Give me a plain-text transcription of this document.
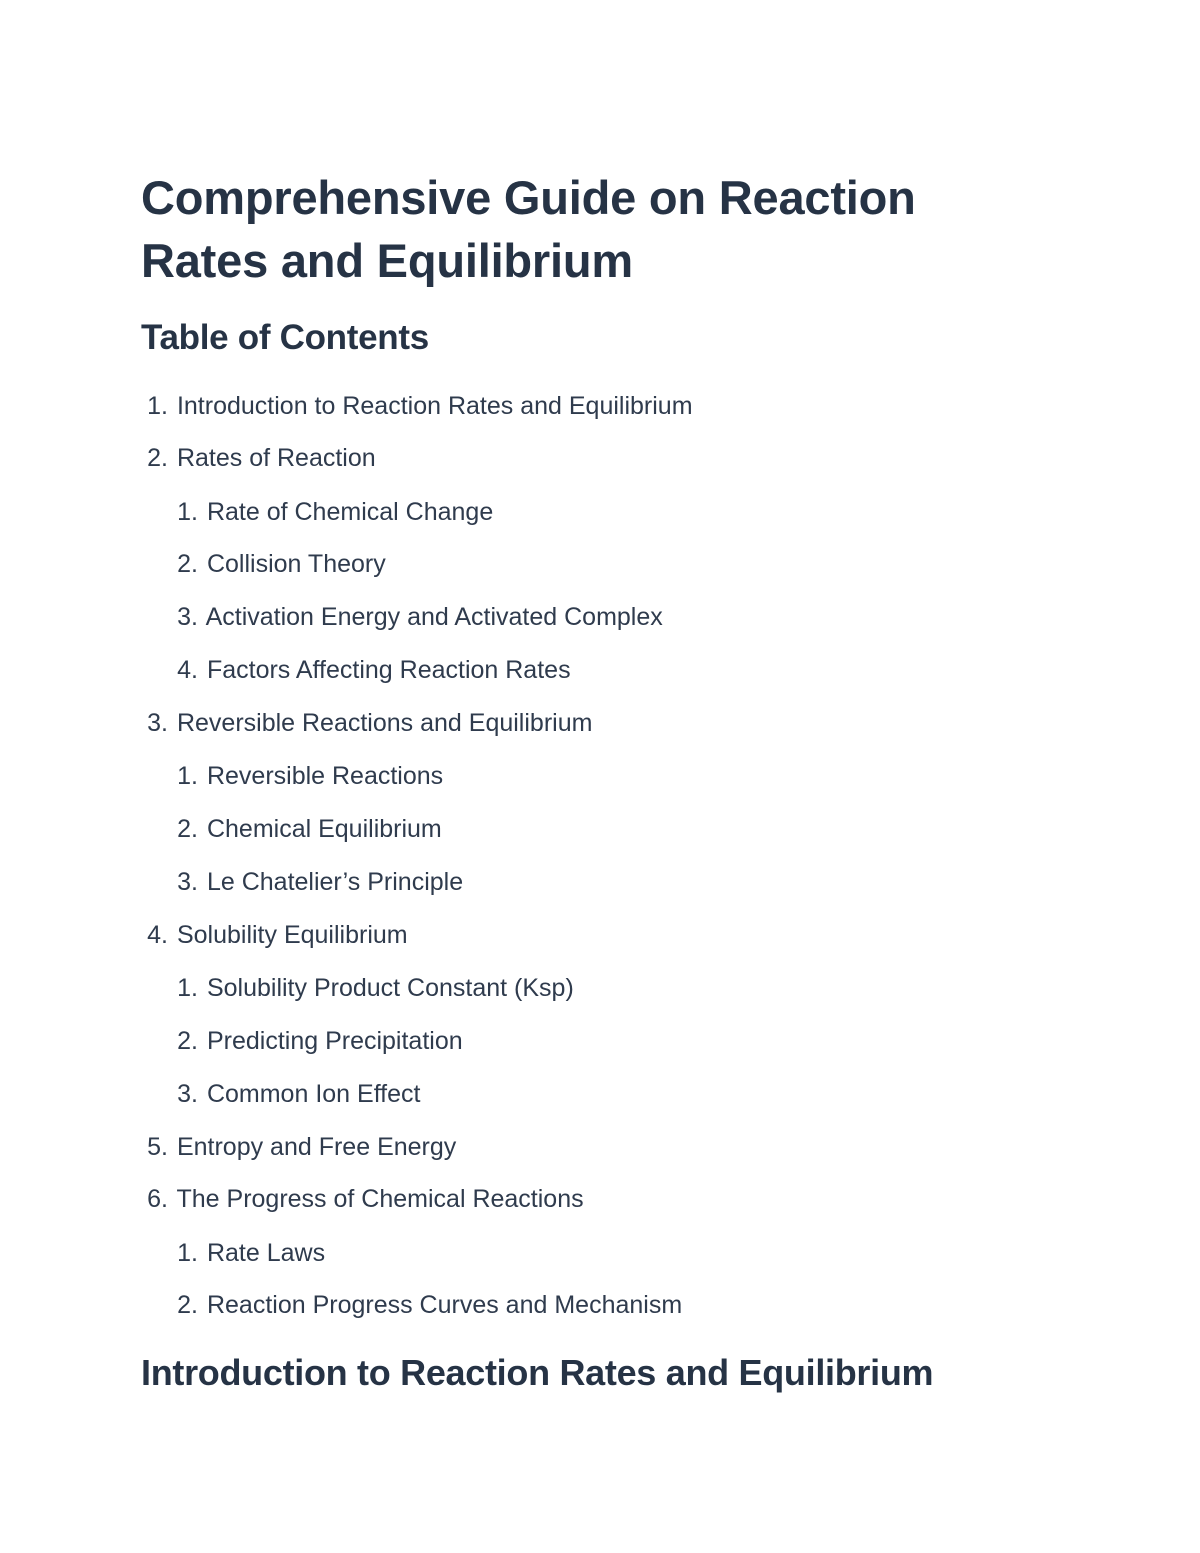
Comprehensive Guide on Reaction Rates and Equilibrium
Table of Contents
1. Introduction to Reaction Rates and Equilibrium
2. Rates of Reaction
1. Rate of Chemical Change
2. Collision Theory
3. Activation Energy and Activated Complex
4. Factors Affecting Reaction Rates
3. Reversible Reactions and Equilibrium
1. Reversible Reactions
2. Chemical Equilibrium
3. Le Chatelier’s Principle
4. Solubility Equilibrium
1. Solubility Product Constant (Ksp)
2. Predicting Precipitation
3. Common Ion Effect
5. Entropy and Free Energy
6. The Progress of Chemical Reactions
1. Rate Laws
2. Reaction Progress Curves and Mechanism
Introduction to Reaction Rates and Equilibrium
